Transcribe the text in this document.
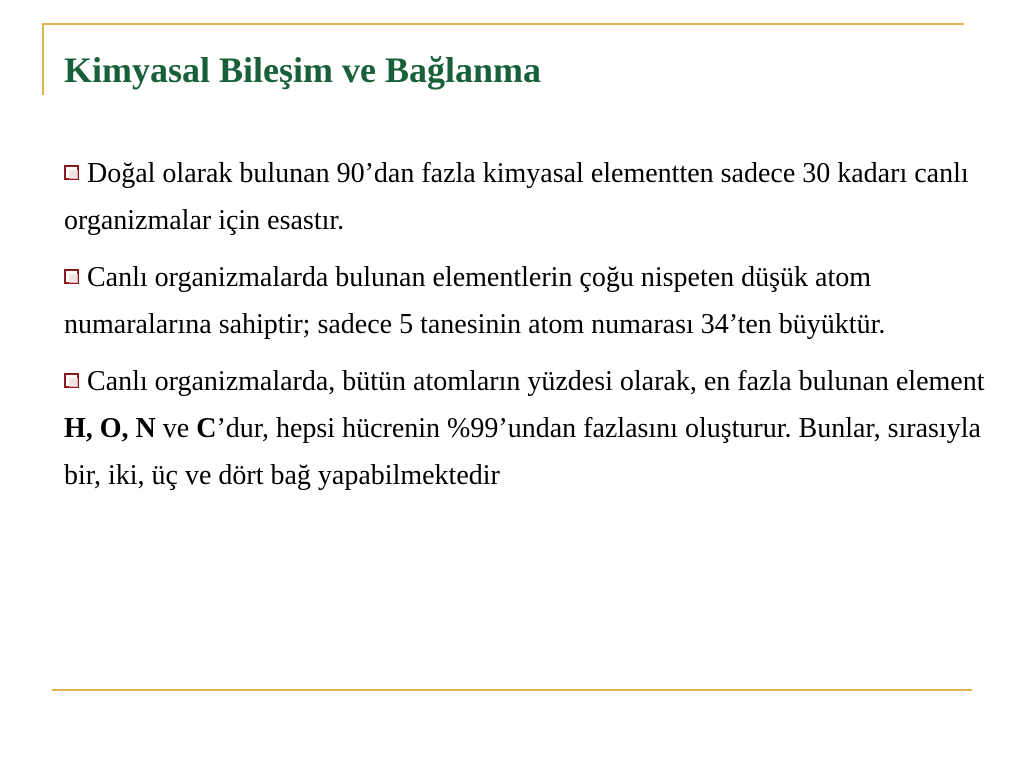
Kimyasal Bileşim ve Bağlanma

Doğal olarak bulunan 90’dan fazla kimyasal elementten sadece 30 kadarı canlı organizmalar için esastır.

Canlı organizmalarda bulunan elementlerin çoğu nispeten düşük atom numaralarına sahiptir; sadece 5 tanesinin atom numarası 34’ten büyüktür.

Canlı organizmalarda, bütün atomların yüzdesi olarak, en fazla bulunan element H, O, N ve C’dur, hepsi hücrenin %99’undan fazlasını oluşturur. Bunlar, sırasıyla bir, iki, üç ve dört bağ yapabilmektedir
